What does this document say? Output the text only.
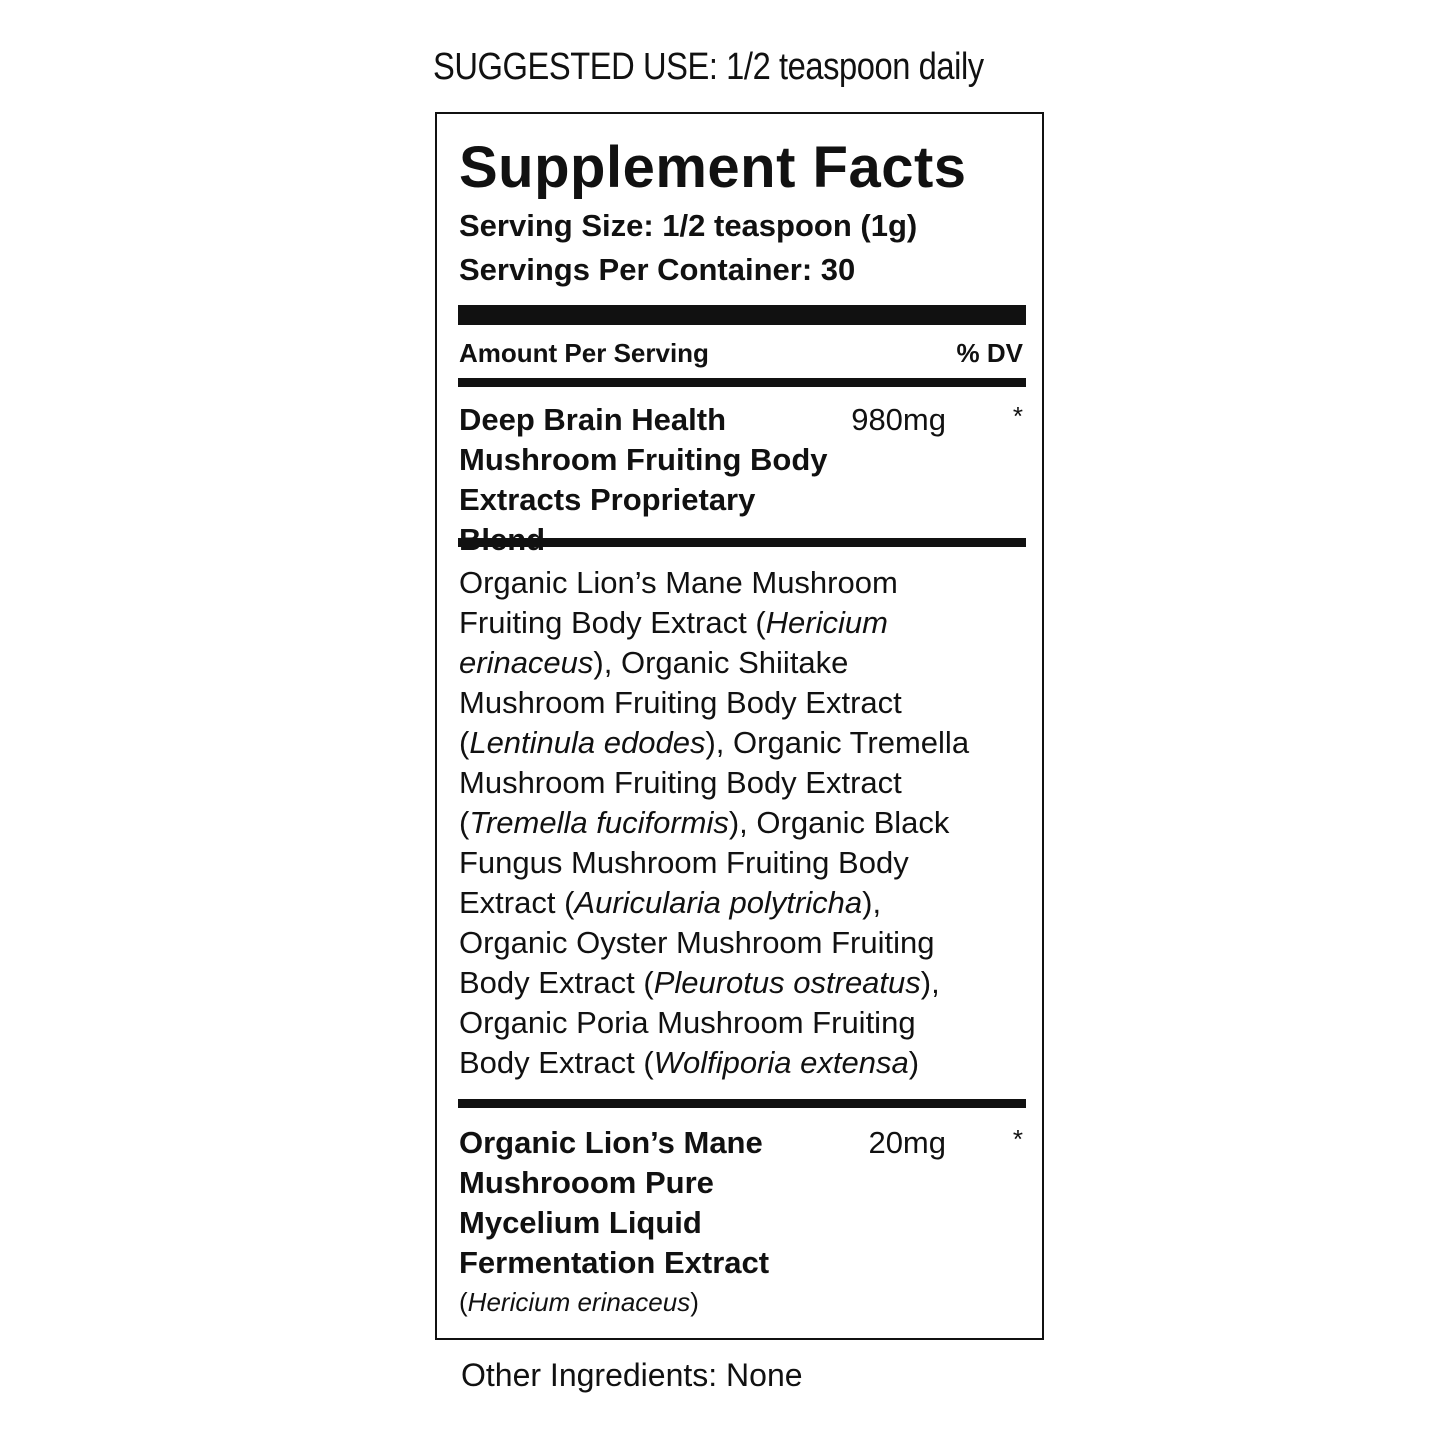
SUGGESTED USE: 1/2 teaspoon daily
Supplement Facts
Serving Size: 1/2 teaspoon (1g)
Servings Per Container: 30
Amount Per Serving	% DV
Deep Brain Health
Mushroom Fruiting Body
Extracts Proprietary
980mg	*
Organic Lion’s Mane Mushroom
Fruiting Body Extract (Hericium
erinaceus), Organic Shiitake
Mushroom Fruiting Body Extract
(Lentinula edodes), Organic Tremella
Mushroom Fruiting Body Extract
(Tremella fuciformis), Organic Black
Fungus Mushroom Fruiting Body
Extract (Auricularia polytricha),
Organic Oyster Mushroom Fruiting
Body Extract (Pleurotus ostreatus),
Organic Poria Mushroom Fruiting
Body Extract (Wolfiporia extensa)
Organic Lion’s Mane
Mushrooom Pure
Mycelium Liquid
Fermentation Extract
20mg	*
(Hericium erinaceus)
Other Ingredients: None
